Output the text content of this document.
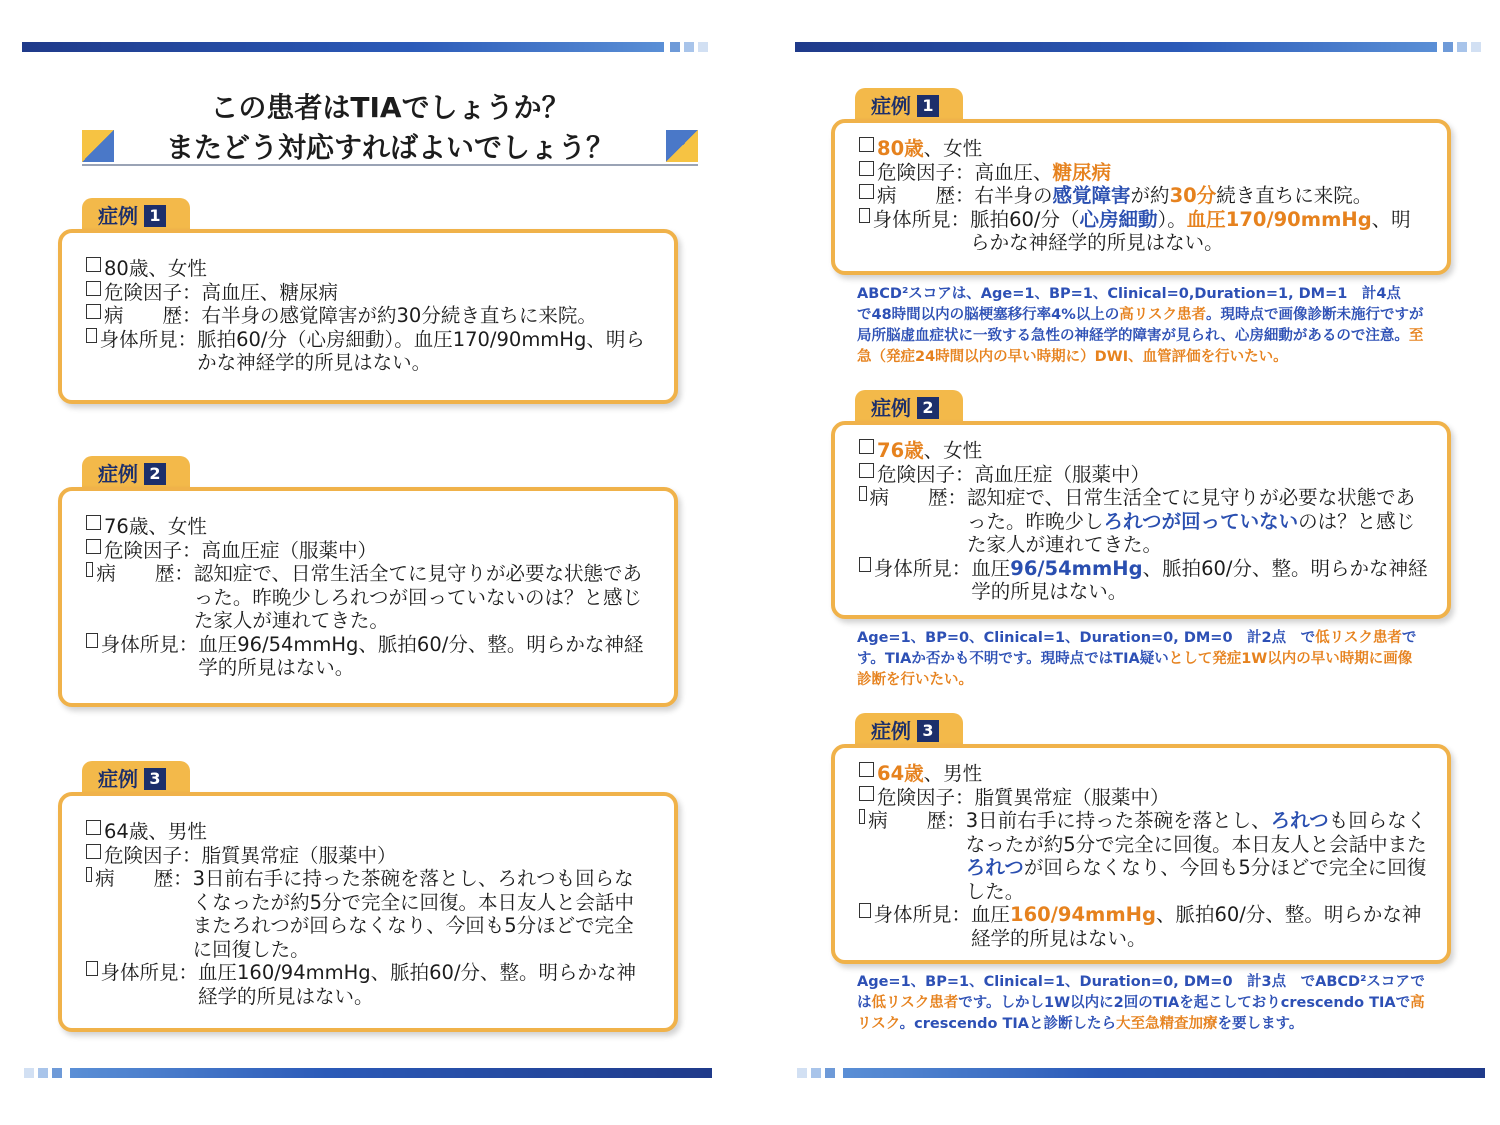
この患者はTIAでしょうか？
またどう対応すればよいでしょう？
症例 1
80歳、女性
危険因子： 高血圧、糖尿病
病　　歴： 右半身の感覚障害が約30分続き直ちに来院。
身体所見： 脈拍60/分（心房細動）。血圧170/90mmHg、明らかな神経学的所見はない。
症例 2
76歳、女性
危険因子： 高血圧症（服薬中）
病　　歴： 認知症で、日常生活全てに見守りが必要な状態であった。昨晩少しろれつが回っていないのは？と感じた家人が連れてきた。
身体所見： 血圧96/54mmHg、脈拍60/分、整。明らかな神経学的所見はない。
症例 3
64歳、男性
危険因子： 脂質異常症（服薬中）
病　　歴： 3日前右手に持った茶碗を落とし、ろれつも回らなくなったが約5分で完全に回復。本日友人と会話中またろれつが回らなくなり、今回も5分ほどで完全に回復した。
身体所見： 血圧160/94mmHg、脈拍60/分、整。明らかな神経学的所見はない。
症例 1
80歳、女性
危険因子： 高血圧、糖尿病
病　　歴： 右半身の感覚障害が約30分続き直ちに来院。
身体所見： 脈拍60/分（心房細動）。血圧170/90mmHg、明らかな神経学的所見はない。
ABCD²スコアは、Age=1、BP=1、Clinical=0,Duration=1, DM=1　計4点　で48時間以内の脳梗塞移行率4%以上の高リスク患者。現時点で画像診断未施行ですが局所脳虚血症状に一致する急性の神経学的障害が見られ、心房細動があるので注意。至急（発症24時間以内の早い時期に）DWI、血管評価を行いたい。
症例 2
76歳、女性
危険因子： 高血圧症（服薬中）
病　　歴： 認知症で、日常生活全てに見守りが必要な状態であった。昨晩少しろれつが回っていないのは？と感じた家人が連れてきた。
身体所見： 血圧96/54mmHg、脈拍60/分、整。明らかな神経学的所見はない。
Age=1、BP=0、Clinical=1、Duration=0, DM=0　計2点　で低リスク患者です。TIAか否かも不明です。現時点ではTIA疑いとして発症1W以内の早い時期に画像診断を行いたい。
症例 3
64歳、男性
危険因子： 脂質異常症（服薬中）
病　　歴： 3日前右手に持った茶碗を落とし、ろれつも回らなくなったが約5分で完全に回復。本日友人と会話中またろれつが回らなくなり、今回も5分ほどで完全に回復した。
身体所見： 血圧160/94mmHg、脈拍60/分、整。明らかな神経学的所見はない。
Age=1、BP=1、Clinical=1、Duration=0, DM=0　計3点　でABCD²スコアでは低リスク患者です。しかし1W以内に2回のTIAを起こしておりcrescendo TIAで高リスク。crescendo TIAと診断したら大至急精査加療を要します。
